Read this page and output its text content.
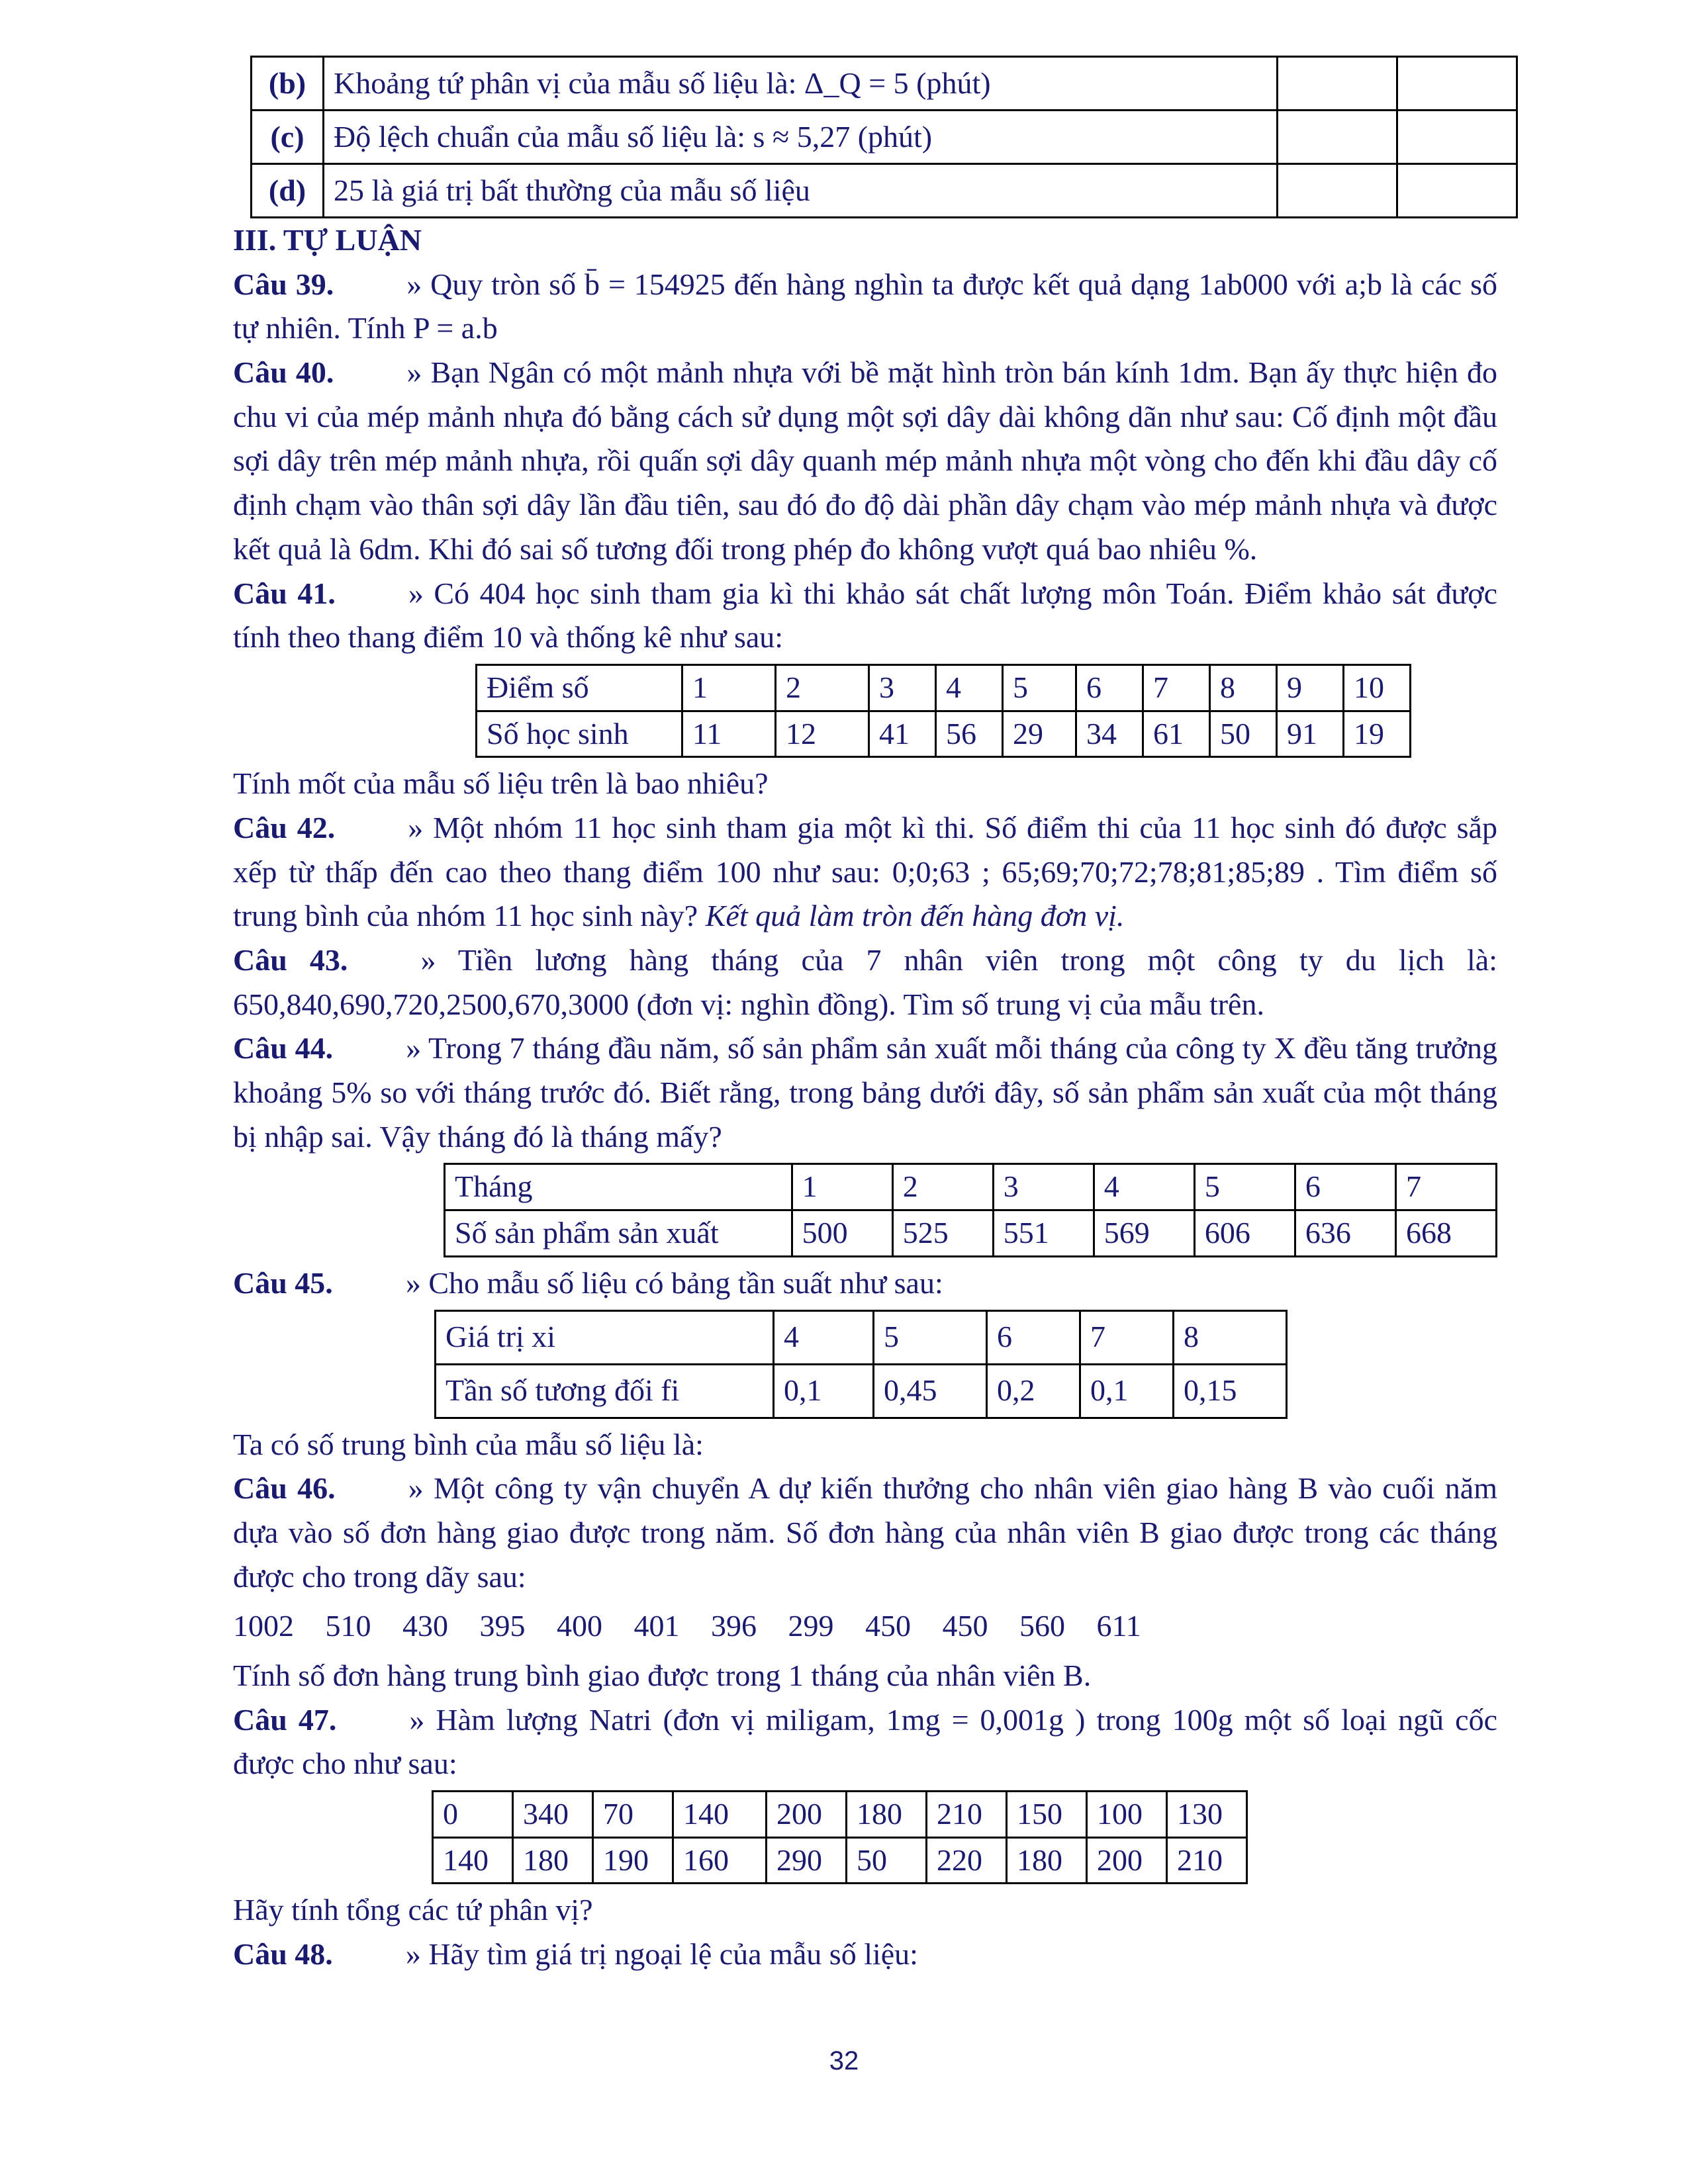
(b)	Khoảng tứ phân vị của mẫu số liệu là: Δ_Q = 5 (phút)		
(c)	Độ lệch chuẩn của mẫu số liệu là: s ≈ 5,27 (phút)		
(d)	25 là giá trị bất thường của mẫu số liệu		
III. TỰ LUẬN

Câu 39. » Quy tròn số b̄ = 154925 đến hàng nghìn ta được kết quả dạng 1ab000 với a;b là các số tự nhiên. Tính P = a.b

Câu 40. » Bạn Ngân có một mảnh nhựa với bề mặt hình tròn bán kính 1dm. Bạn ấy thực hiện đo chu vi của mép mảnh nhựa đó bằng cách sử dụng một sợi dây dài không dãn như sau: Cố định một đầu sợi dây trên mép mảnh nhựa, rồi quấn sợi dây quanh mép mảnh nhựa một vòng cho đến khi đầu dây cố định chạm vào thân sợi dây lần đầu tiên, sau đó đo độ dài phần dây chạm vào mép mảnh nhựa và được kết quả là 6dm. Khi đó sai số tương đối trong phép đo không vượt quá bao nhiêu %.

Câu 41. » Có 404 học sinh tham gia kì thi khảo sát chất lượng môn Toán. Điểm khảo sát được tính theo thang điểm 10 và thống kê như sau:

Điểm số	1	2	3	4	5	6	7	8	9	10
Số học sinh	11	12	41	56	29	34	61	50	91	19

Tính mốt của mẫu số liệu trên là bao nhiêu?

Câu 42. » Một nhóm 11 học sinh tham gia một kì thi. Số điểm thi của 11 học sinh đó được sắp xếp từ thấp đến cao theo thang điểm 100 như sau: 0;0;63 ; 65;69;70;72;78;81;85;89 . Tìm điểm số trung bình của nhóm 11 học sinh này? Kết quả làm tròn đến hàng đơn vị.

Câu 43. » Tiền lương hàng tháng của 7 nhân viên trong một công ty du lịch là: 650,840,690,720,2500,670,3000 (đơn vị: nghìn đồng). Tìm số trung vị của mẫu trên.

Câu 44. » Trong 7 tháng đầu năm, số sản phẩm sản xuất mỗi tháng của công ty X đều tăng trưởng khoảng 5% so với tháng trước đó. Biết rằng, trong bảng dưới đây, số sản phẩm sản xuất của một tháng bị nhập sai. Vậy tháng đó là tháng mấy?

Tháng	1	2	3	4	5	6	7
Số sản phẩm sản xuất	500	525	551	569	606	636	668

Câu 45. » Cho mẫu số liệu có bảng tần suất như sau:

Giá trị xi	4	5	6	7	8
Tần số tương đối fi	0,1	0,45	0,2	0,1	0,15

Ta có số trung bình của mẫu số liệu là:

Câu 46. » Một công ty vận chuyển A dự kiến thưởng cho nhân viên giao hàng B vào cuối năm dựa vào số đơn hàng giao được trong năm. Số đơn hàng của nhân viên B giao được trong các tháng được cho trong dãy sau:

1002 510 430 395 400 401 396 299 450 450 560 611

Tính số đơn hàng trung bình giao được trong 1 tháng của nhân viên B.

Câu 47. » Hàm lượng Natri (đơn vị miligam, 1mg = 0,001g ) trong 100g một số loại ngũ cốc được cho như sau:

0	340	70	140	200	180	210	150	100	130
140	180	190	160	290	50	220	180	200	210

Hãy tính tổng các tứ phân vị?

Câu 48. » Hãy tìm giá trị ngoại lệ của mẫu số liệu:

32
